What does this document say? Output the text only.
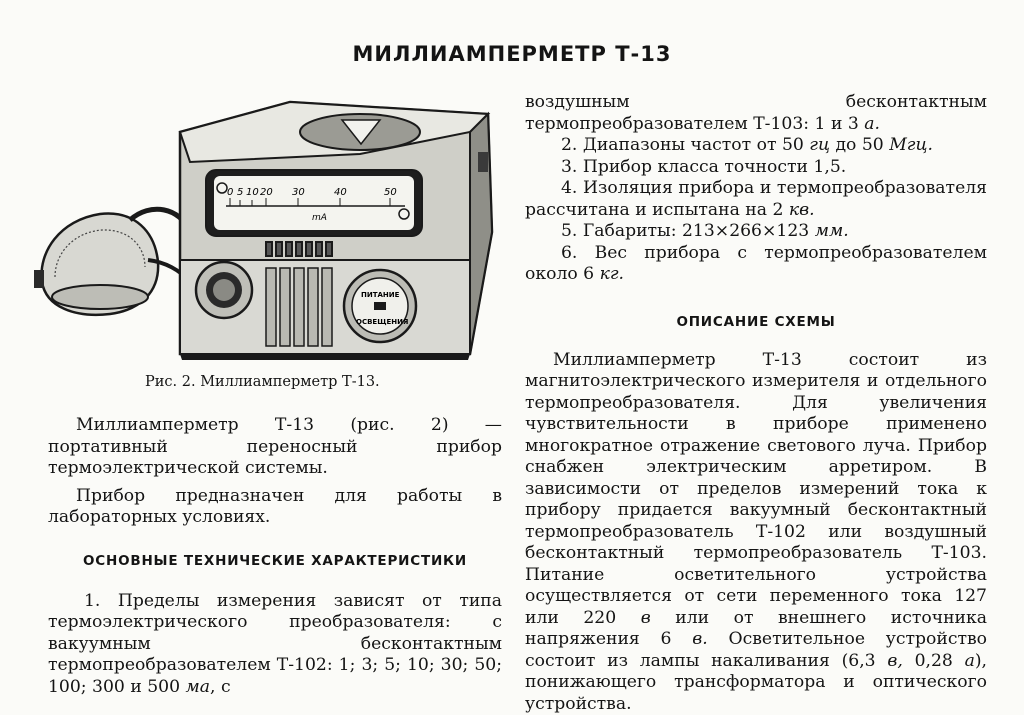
МИЛЛИАМПЕРМЕТР Т-13
0 5 10 20 30	40	50
mA
ПИТАНИЕ
ОСВЕЩЕНИЯ
Рис. 2. Миллиамперметр Т-13.

Миллиамперметр Т-13 (рис. 2) — портативный переносный прибор термоэлектрической системы.

Прибор предназначен для работы в лабораторных условиях.

ОСНОВНЫЕ ТЕХНИЧЕСКИЕ ХАРАКТЕРИСТИКИ

1. Пределы измерения зависят от типа термоэлектрического преобразователя: с вакуумным бесконтактным термопреобразователем Т-102: 1; 3; 5; 10; 30; 50; 100; 300 и 500 ма, с

воздушным бесконтактным термопреобразователем Т-103: 1 и 3 а.

2. Диапазоны частот от 50 гц до 50 Мгц.

3. Прибор класса точности 1,5.

4. Изоляция прибора и термопреобразователя рассчитана и испытана на 2 кв.

5. Габариты: 213×266×123 мм.

6. Вес прибора с термопреобразователем около 6 кг.

ОПИСАНИЕ СХЕМЫ

Миллиамперметр Т-13 состоит из магнитоэлектрического измерителя и отдельного термопреобразователя. Для увеличения чувствительности в приборе применено многократное отражение светового луча. Прибор снабжен электрическим арретиром. В зависимости от пределов измерений тока к прибору придается вакуумный бесконтактный термопреобразователь Т-102 или воздушный бесконтактный термопреобразователь Т-103. Питание осветительного устройства осуществляется от сети переменного тока 127 или 220 в или от внешнего источника напряжения 6 в. Осветительное устройство состоит из лампы накаливания (6,3 в, 0,28 а), понижающего трансформатора и оптического устройства.
